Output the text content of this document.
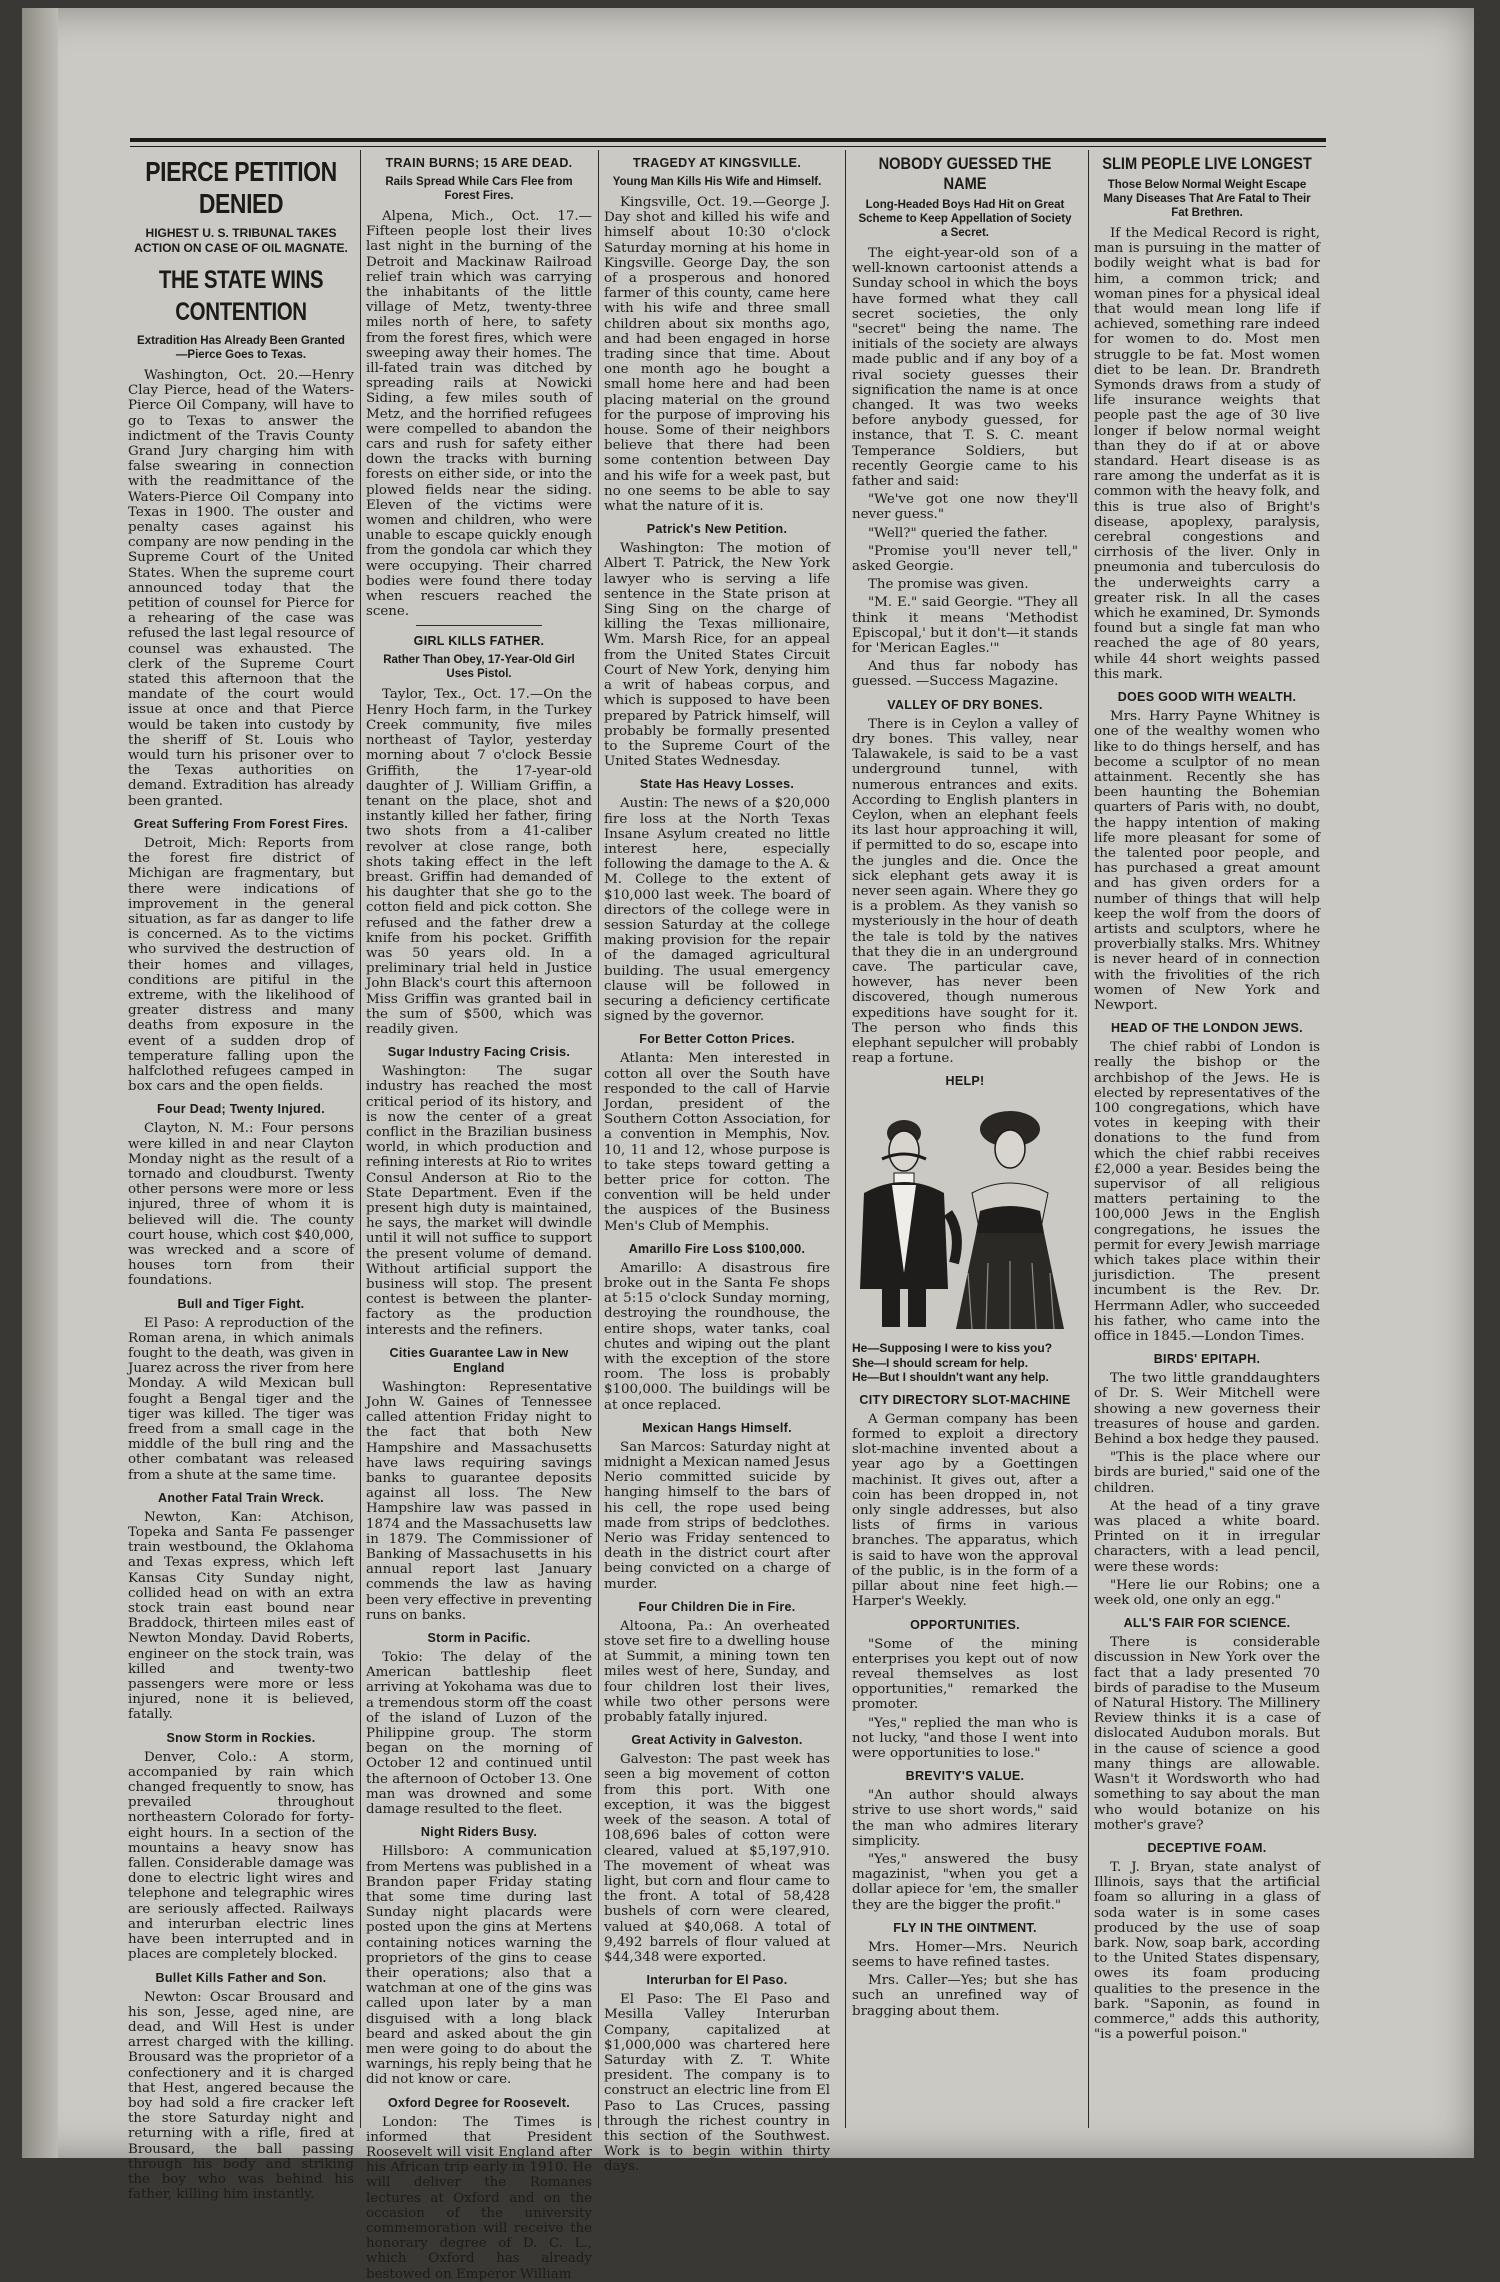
PIERCE PETITION DENIED
HIGHEST U. S. TRIBUNAL TAKES ACTION ON CASE OF OIL MAGNATE.
THE STATE WINS CONTENTION
Extradition Has Already Been Granted—Pierce Goes to Texas.

Washington, Oct. 20.—Henry Clay Pierce, head of the Waters-Pierce Oil Company, will have to go to Texas to answer the indictment of the Travis County Grand Jury charging him with false swearing in connection with the readmittance of the Waters-Pierce Oil Company into Texas in 1900. The ouster and penalty cases against his company are now pending in the Supreme Court of the United States. When the supreme court announced today that the petition of counsel for Pierce for a rehearing of the case was refused the last legal resource of counsel was exhausted. The clerk of the Supreme Court stated this afternoon that the mandate of the court would issue at once and that Pierce would be taken into custody by the sheriff of St. Louis who would turn his prisoner over to the Texas authorities on demand. Extradition has already been granted.

Great Suffering From Forest Fires.

Detroit, Mich: Reports from the forest fire district of Michigan are fragmentary, but there were indications of improvement in the general situation, as far as danger to life is concerned. As to the victims who survived the destruction of their homes and villages, conditions are pitiful in the extreme, with the likelihood of greater distress and many deaths from exposure in the event of a sudden drop of temperature falling upon the halfclothed refugees camped in box cars and the open fields.

Four Dead; Twenty Injured.

Clayton, N. M.: Four persons were killed in and near Clayton Monday night as the result of a tornado and cloudburst. Twenty other persons were more or less injured, three of whom it is believed will die. The county court house, which cost $40,000, was wrecked and a score of houses torn from their foundations.

Bull and Tiger Fight.

El Paso: A reproduction of the Roman arena, in which animals fought to the death, was given in Juarez across the river from here Monday. A wild Mexican bull fought a Bengal tiger and the tiger was killed. The tiger was freed from a small cage in the middle of the bull ring and the other combatant was released from a shute at the same time.

Another Fatal Train Wreck.

Newton, Kan: Atchison, Topeka and Santa Fe passenger train westbound, the Oklahoma and Texas express, which left Kansas City Sunday night, collided head on with an extra stock train east bound near Braddock, thirteen miles east of Newton Monday. David Roberts, engineer on the stock train, was killed and twenty-two passengers were more or less injured, none it is believed, fatally.

Snow Storm in Rockies.

Denver, Colo.: A storm, accompanied by rain which changed frequently to snow, has prevailed throughout northeastern Colorado for forty-eight hours. In a section of the mountains a heavy snow has fallen. Considerable damage was done to electric light wires and telephone and telegraphic wires are seriously affected. Railways and interurban electric lines have been interrupted and in places are completely blocked.

Bullet Kills Father and Son.

Newton: Oscar Brousard and his son, Jesse, aged nine, are dead, and Will Hest is under arrest charged with the killing. Brousard was the proprietor of a confectionery and it is charged that Hest, angered because the boy had sold a fire cracker left the store Saturday night and returning with a rifle, fired at Brousard, the ball passing through his body and striking the boy who was behind his father, killing him instantly.

TRAIN BURNS; 15 ARE DEAD.
Rails Spread While Cars Flee from Forest Fires.

Alpena, Mich., Oct. 17.—Fifteen people lost their lives last night in the burning of the Detroit and Mackinaw Railroad relief train which was carrying the inhabitants of the little village of Metz, twenty-three miles north of here, to safety from the forest fires, which were sweeping away their homes. The ill-fated train was ditched by spreading rails at Nowicki Siding, a few miles south of Metz, and the horrified refugees were compelled to abandon the cars and rush for safety either down the tracks with burning forests on either side, or into the plowed fields near the siding. Eleven of the victims were women and children, who were unable to escape quickly enough from the gondola car which they were occupying. Their charred bodies were found there today when rescuers reached the scene.

GIRL KILLS FATHER.
Rather Than Obey, 17-Year-Old Girl Uses Pistol.

Taylor, Tex., Oct. 17.—On the Henry Hoch farm, in the Turkey Creek community, five miles northeast of Taylor, yesterday morning about 7 o'clock Bessie Griffith, the 17-year-old daughter of J. William Griffin, a tenant on the place, shot and instantly killed her father, firing two shots from a 41-caliber revolver at close range, both shots taking effect in the left breast. Griffin had demanded of his daughter that she go to the cotton field and pick cotton. She refused and the father drew a knife from his pocket. Griffith was 50 years old. In a preliminary trial held in Justice John Black's court this afternoon Miss Griffin was granted bail in the sum of $500, which was readily given.

Sugar Industry Facing Crisis.

Washington: The sugar industry has reached the most critical period of its history, and is now the center of a great conflict in the Brazilian business world, in which production and refining interests at Rio to writes Consul Anderson at Rio to the State Department. Even if the present high duty is maintained, he says, the market will dwindle until it will not suffice to support the present volume of demand. Without artificial support the business will stop. The present contest is between the planter-factory as the production interests and the refiners.

Cities Guarantee Law in New England

Washington: Representative John W. Gaines of Tennessee called attention Friday night to the fact that both New Hampshire and Massachusetts have laws requiring savings banks to guarantee deposits against all loss. The New Hampshire law was passed in 1874 and the Massachusetts law in 1879. The Commissioner of Banking of Massachusetts in his annual report last January commends the law as having been very effective in preventing runs on banks.

Storm in Pacific.

Tokio: The delay of the American battleship fleet arriving at Yokohama was due to a tremendous storm off the coast of the island of Luzon of the Philippine group. The storm began on the morning of October 12 and continued until the afternoon of October 13. One man was drowned and some damage resulted to the fleet.

Night Riders Busy.

Hillsboro: A communication from Mertens was published in a Brandon paper Friday stating that some time during last Sunday night placards were posted upon the gins at Mertens containing notices warning the proprietors of the gins to cease their operations; also that a watchman at one of the gins was called upon later by a man disguised with a long black beard and asked about the gin men were going to do about the warnings, his reply being that he did not know or care.

Oxford Degree for Roosevelt.

London: The Times is informed that President Roosevelt will visit England after his African trip early in 1910. He will deliver the Romanes lectures at Oxford and on the occasion of the university commemoration will receive the honorary degree of D. C. L., which Oxford has already bestowed on Emperor William

TRAGEDY AT KINGSVILLE.
Young Man Kills His Wife and Himself.

Kingsville, Oct. 19.—George J. Day shot and killed his wife and himself about 10:30 o'clock Saturday morning at his home in Kingsville. George Day, the son of a prosperous and honored farmer of this county, came here with his wife and three small children about six months ago, and had been engaged in horse trading since that time. About one month ago he bought a small home here and had been placing material on the ground for the purpose of improving his house. Some of their neighbors believe that there had been some contention between Day and his wife for a week past, but no one seems to be able to say what the nature of it is.

Patrick's New Petition.

Washington: The motion of Albert T. Patrick, the New York lawyer who is serving a life sentence in the State prison at Sing Sing on the charge of killing the Texas millionaire, Wm. Marsh Rice, for an appeal from the United States Circuit Court of New York, denying him a writ of habeas corpus, and which is supposed to have been prepared by Patrick himself, will probably be formally presented to the Supreme Court of the United States Wednesday.

State Has Heavy Losses.

Austin: The news of a $20,000 fire loss at the North Texas Insane Asylum created no little interest here, especially following the damage to the A. & M. College to the extent of $10,000 last week. The board of directors of the college were in session Saturday at the college making provision for the repair of the damaged agricultural building. The usual emergency clause will be followed in securing a deficiency certificate signed by the governor.

For Better Cotton Prices.

Atlanta: Men interested in cotton all over the South have responded to the call of Harvie Jordan, president of the Southern Cotton Association, for a convention in Memphis, Nov. 10, 11 and 12, whose purpose is to take steps toward getting a better price for cotton. The convention will be held under the auspices of the Business Men's Club of Memphis.

Amarillo Fire Loss $100,000.

Amarillo: A disastrous fire broke out in the Santa Fe shops at 5:15 o'clock Sunday morning, destroying the roundhouse, the entire shops, water tanks, coal chutes and wiping out the plant with the exception of the store room. The loss is probably $100,000. The buildings will be at once replaced.

Mexican Hangs Himself.

San Marcos: Saturday night at midnight a Mexican named Jesus Nerio committed suicide by hanging himself to the bars of his cell, the rope used being made from strips of bedclothes. Nerio was Friday sentenced to death in the district court after being convicted on a charge of murder.

Four Children Die in Fire.

Altoona, Pa.: An overheated stove set fire to a dwelling house at Summit, a mining town ten miles west of here, Sunday, and four children lost their lives, while two other persons were probably fatally injured.

Great Activity in Galveston.

Galveston: The past week has seen a big movement of cotton from this port. With one exception, it was the biggest week of the season. A total of 108,696 bales of cotton were cleared, valued at $5,197,910. The movement of wheat was light, but corn and flour came to the front. A total of 58,428 bushels of corn were cleared, valued at $40,068. A total of 9,492 barrels of flour valued at $44,348 were exported.

Interurban for El Paso.

El Paso: The El Paso and Mesilla Valley Interurban Company, capitalized at $1,000,000 was chartered here Saturday with Z. T. White president. The company is to construct an electric line from El Paso to Las Cruces, passing through the richest country in this section of the Southwest. Work is to begin within thirty days.

NOBODY GUESSED THE NAME
Long-Headed Boys Had Hit on Great Scheme to Keep Appellation of Society a Secret.

The eight-year-old son of a well-known cartoonist attends a Sunday school in which the boys have formed what they call secret societies, the only "secret" being the name. The initials of the society are always made public and if any boy of a rival society guesses their signification the name is at once changed. It was two weeks before anybody guessed, for instance, that T. S. C. meant Temperance Soldiers, but recently Georgie came to his father and said:

"We've got one now they'll never guess."

"Well?" queried the father.

"Promise you'll never tell," asked Georgie.

The promise was given.

"M. E." said Georgie. "They all think it means 'Methodist Episcopal,' but it don't—it stands for 'Merican Eagles.'"

And thus far nobody has guessed. —Success Magazine.

VALLEY OF DRY BONES.

There is in Ceylon a valley of dry bones. This valley, near Talawakele, is said to be a vast underground tunnel, with numerous entrances and exits. According to English planters in Ceylon, when an elephant feels its last hour approaching it will, if permitted to do so, escape into the jungles and die. Once the sick elephant gets away it is never seen again. Where they go is a problem. As they vanish so mysteriously in the hour of death the tale is told by the natives that they die in an underground cave. The particular cave, however, has never been discovered, though numerous expeditions have sought for it. The person who finds this elephant sepulcher will probably reap a fortune.

HELP!
He—Supposing I were to kiss you?
She—I should scream for help.
He—But I shouldn't want any help.
CITY DIRECTORY SLOT-MACHINE

A German company has been formed to exploit a directory slot-machine invented about a year ago by a Goettingen machinist. It gives out, after a coin has been dropped in, not only single addresses, but also lists of firms in various branches. The apparatus, which is said to have won the approval of the public, is in the form of a pillar about nine feet high.—Harper's Weekly.

OPPORTUNITIES.

"Some of the mining enterprises you kept out of now reveal themselves as lost opportunities," remarked the promoter.

"Yes," replied the man who is not lucky, "and those I went into were opportunities to lose."

BREVITY'S VALUE.

"An author should always strive to use short words," said the man who admires literary simplicity.

"Yes," answered the busy magazinist, "when you get a dollar apiece for 'em, the smaller they are the bigger the profit."

FLY IN THE OINTMENT.

Mrs. Homer—Mrs. Neurich seems to have refined tastes.

Mrs. Caller—Yes; but she has such an unrefined way of bragging about them.

SLIM PEOPLE LIVE LONGEST
Those Below Normal Weight Escape Many Diseases That Are Fatal to Their Fat Brethren.

If the Medical Record is right, man is pursuing in the matter of bodily weight what is bad for him, a common trick; and woman pines for a physical ideal that would mean long life if achieved, something rare indeed for women to do. Most men struggle to be fat. Most women diet to be lean. Dr. Brandreth Symonds draws from a study of life insurance weights that people past the age of 30 live longer if below normal weight than they do if at or above standard. Heart disease is as rare among the underfat as it is common with the heavy folk, and this is true also of Bright's disease, apoplexy, paralysis, cerebral congestions and cirrhosis of the liver. Only in pneumonia and tuberculosis do the underweights carry a greater risk. In all the cases which he examined, Dr. Symonds found but a single fat man who reached the age of 80 years, while 44 short weights passed this mark.

DOES GOOD WITH WEALTH.

Mrs. Harry Payne Whitney is one of the wealthy women who like to do things herself, and has become a sculptor of no mean attainment. Recently she has been haunting the Bohemian quarters of Paris with, no doubt, the happy intention of making life more pleasant for some of the talented poor people, and has purchased a great amount and has given orders for a number of things that will help keep the wolf from the doors of artists and sculptors, where he proverbially stalks. Mrs. Whitney is never heard of in connection with the frivolities of the rich women of New York and Newport.

HEAD OF THE LONDON JEWS.

The chief rabbi of London is really the bishop or the archbishop of the Jews. He is elected by representatives of the 100 congregations, which have votes in keeping with their donations to the fund from which the chief rabbi receives £2,000 a year. Besides being the supervisor of all religious matters pertaining to the 100,000 Jews in the English congregations, he issues the permit for every Jewish marriage which takes place within their jurisdiction. The present incumbent is the Rev. Dr. Herrmann Adler, who succeeded his father, who came into the office in 1845.—London Times.

BIRDS' EPITAPH.

The two little granddaughters of Dr. S. Weir Mitchell were showing a new governess their treasures of house and garden. Behind a box hedge they paused.

"This is the place where our birds are buried," said one of the children.

At the head of a tiny grave was placed a white board. Printed on it in irregular characters, with a lead pencil, were these words:

"Here lie our Robins; one a week old, one only an egg."

ALL'S FAIR FOR SCIENCE.

There is considerable discussion in New York over the fact that a lady presented 70 birds of paradise to the Museum of Natural History. The Millinery Review thinks it is a case of dislocated Audubon morals. But in the cause of science a good many things are allowable. Wasn't it Wordsworth who had something to say about the man who would botanize on his mother's grave?

DECEPTIVE FOAM.

T. J. Bryan, state analyst of Illinois, says that the artificial foam so alluring in a glass of soda water is in some cases produced by the use of soap bark. Now, soap bark, according to the United States dispensary, owes its foam producing qualities to the presence in the bark. "Saponin, as found in commerce," adds this authority, "is a powerful poison."
